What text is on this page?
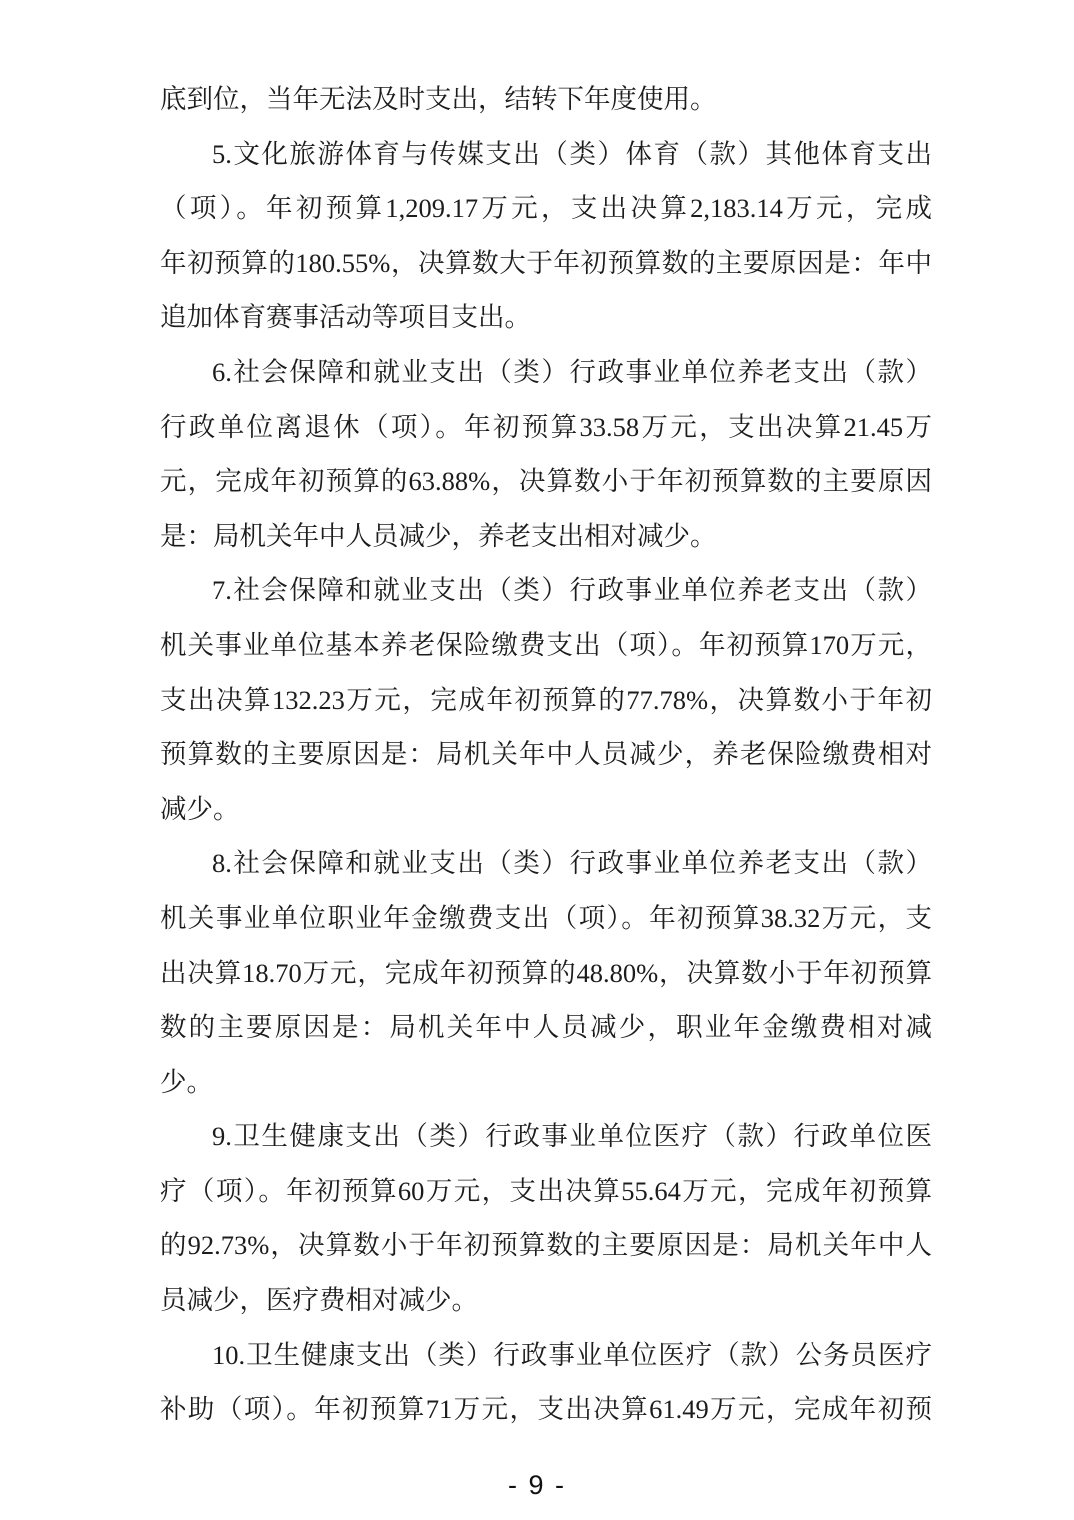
底到位，当年无法及时支出，结转下年度使用。
5.文化旅游体育与传媒支出（类）体育（款）其他体育支出
（项）。年初预算1,209.17万元，支出决算2,183.14万元，完成
年初预算的180.55%，决算数大于年初预算数的主要原因是：年中
追加体育赛事活动等项目支出。
6.社会保障和就业支出（类）行政事业单位养老支出（款）
行政单位离退休（项）。年初预算33.58万元，支出决算21.45万
元，完成年初预算的63.88%，决算数小于年初预算数的主要原因
是：局机关年中人员减少，养老支出相对减少。
7.社会保障和就业支出（类）行政事业单位养老支出（款）
机关事业单位基本养老保险缴费支出（项）。年初预算170万元，
支出决算132.23万元，完成年初预算的77.78%，决算数小于年初
预算数的主要原因是：局机关年中人员减少，养老保险缴费相对
减少。
8.社会保障和就业支出（类）行政事业单位养老支出（款）
机关事业单位职业年金缴费支出（项）。年初预算38.32万元，支
出决算18.70万元，完成年初预算的48.80%，决算数小于年初预算
数的主要原因是：局机关年中人员减少，职业年金缴费相对减
少。
9.卫生健康支出（类）行政事业单位医疗（款）行政单位医
疗（项）。年初预算60万元，支出决算55.64万元，完成年初预算
的92.73%，决算数小于年初预算数的主要原因是：局机关年中人
员减少，医疗费相对减少。
10.卫生健康支出（类）行政事业单位医疗（款）公务员医疗
补助（项）。年初预算71万元，支出决算61.49万元，完成年初预
- 9 -
